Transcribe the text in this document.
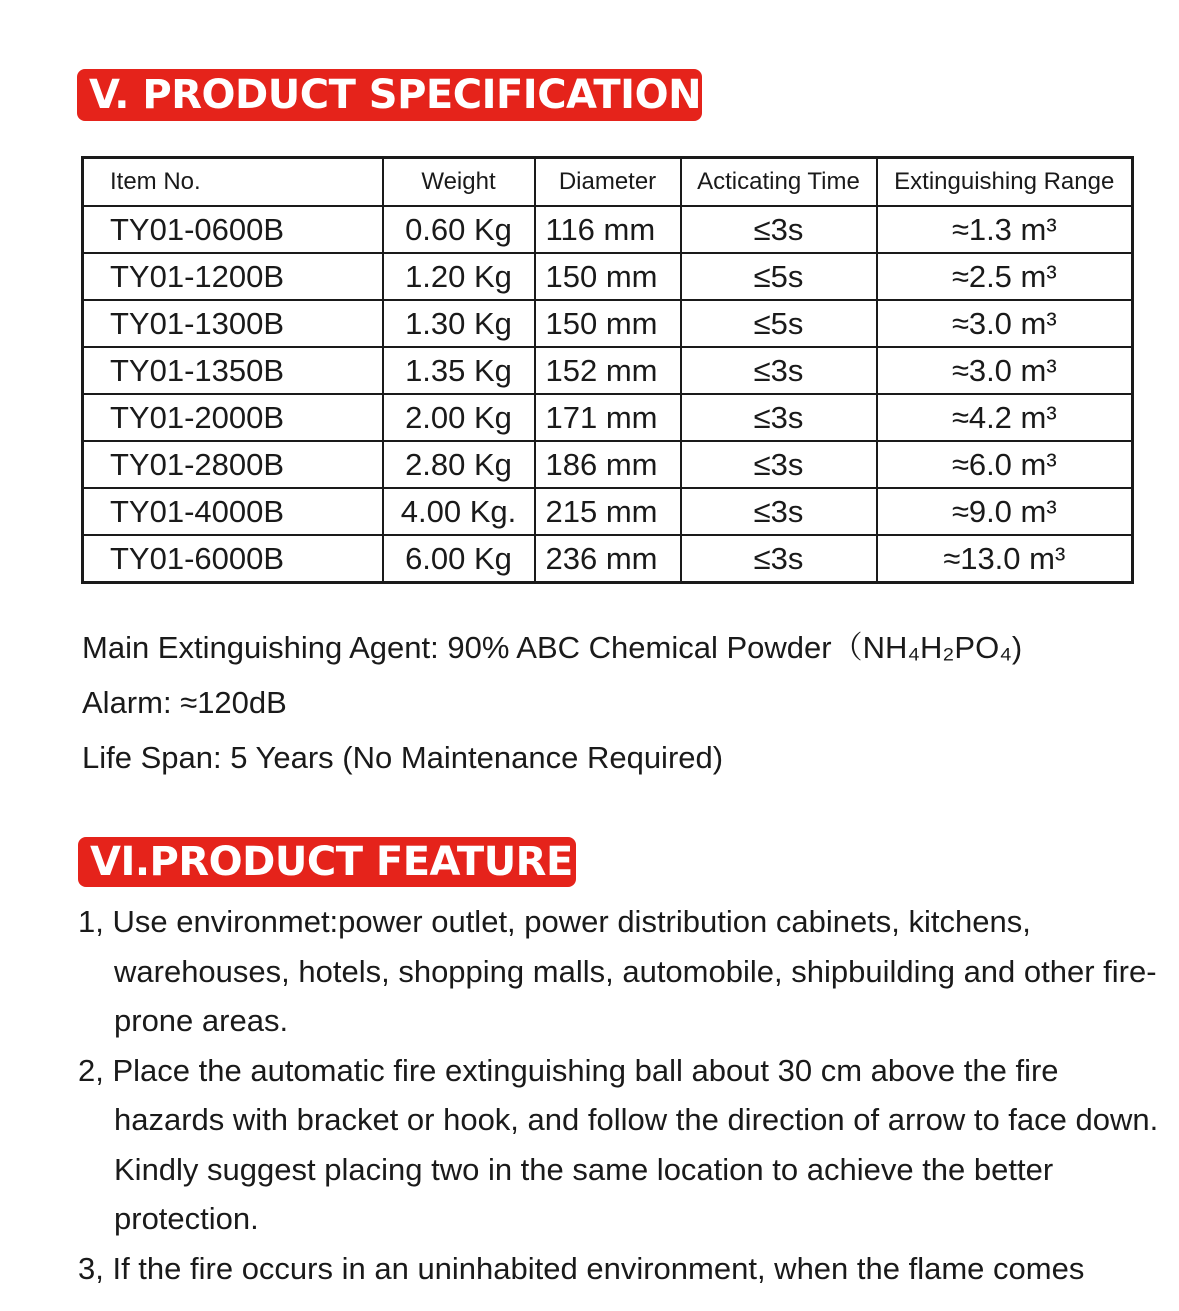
V. PRODUCT SPECIFICATION
Item No.	Weight	Diameter	Acticating Time	Extinguishing Range
TY01-0600B	0.60 Kg	116 mm	≤3s	≈1.3 m³
TY01-1200B	1.20 Kg	150 mm	≤5s	≈2.5 m³
TY01-1300B	1.30 Kg	150 mm	≤5s	≈3.0 m³
TY01-1350B	1.35 Kg	152 mm	≤3s	≈3.0 m³
TY01-2000B	2.00 Kg	171 mm	≤3s	≈4.2 m³
TY01-2800B	2.80 Kg	186 mm	≤3s	≈6.0 m³
TY01-4000B	4.00 Kg.	215 mm	≤3s	≈9.0 m³
TY01-6000B	6.00 Kg	236 mm	≤3s	≈13.0 m³
Main Extinguishing Agent: 90% ABC Chemical Powder（NH₄H₂PO₄)
Alarm: ≈120dB
Life Span: 5 Years (No Maintenance Required)
VI.PRODUCT FEATURE
1, Use environmet:power outlet, power distribution cabinets, kitchens, warehouses, hotels, shopping malls, automobile, shipbuilding and other fire-prone areas.
2, Place the automatic fire extinguishing ball about 30 cm above the fire hazards with bracket or hook, and follow the direction of arrow to face down. Kindly suggest placing two in the same location to achieve the better protection.
3, If the fire occurs in an uninhabited environment, when the flame comes
